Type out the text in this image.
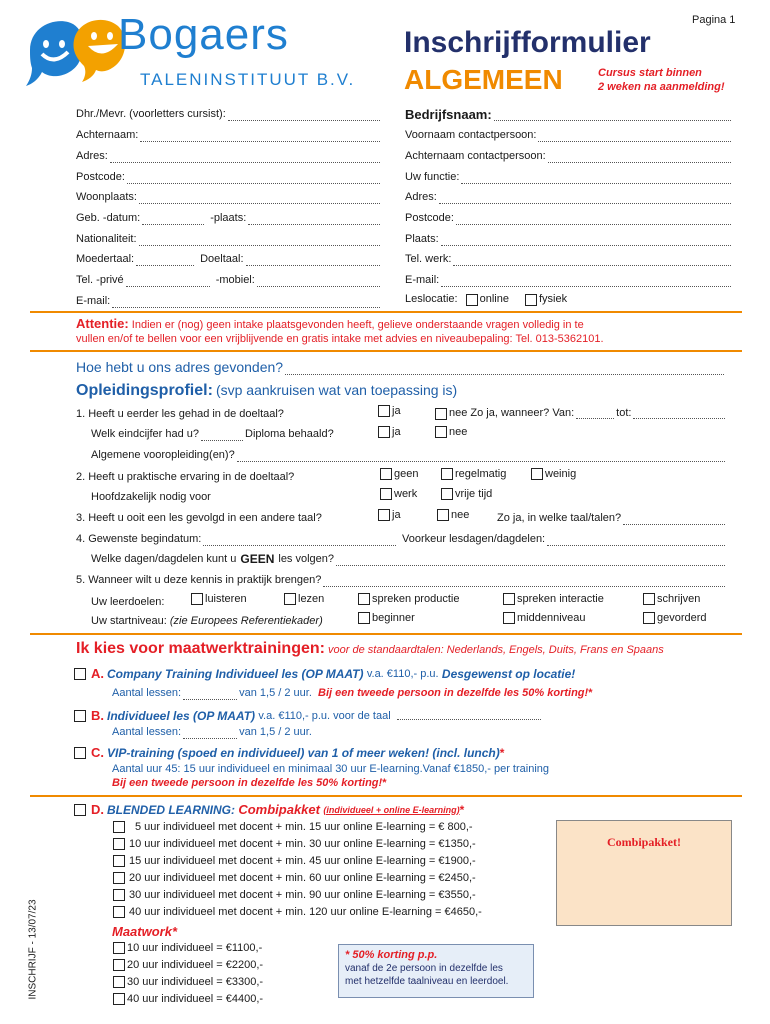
Bogaers
TALENINSTITUUT B.V.
Pagina 1
Inschrijfformulier
ALGEMEEN	Cursus start binnen
2 weken na aanmelding!
Dhr./Mevr. (voorletters cursist):
Achternaam:
Adres:
Postcode:
Woonplaats:
Geb. -datum:	-plaats:
Nationaliteit:
Moedertaal:	Doeltaal:
Tel. -privé	-mobiel:
E-mail:
Bedrijfsnaam:
Voornaam contactpersoon:
Achternaam contactpersoon:
Uw functie:
Adres:
Postcode:
Plaats:
Tel. werk:
E-mail:
Leslocatie: online	fysiek
Attentie: Indien er (nog) geen intake plaatsgevonden heeft, gelieve onderstaande vragen volledig in te
vullen en/of te bellen voor een vrijblijvende en gratis intake met advies en niveaubepaling: Tel. 013-5362101.
Hoe hebt u ons adres gevonden?
Opleidingsprofiel: (svp aankruisen wat van toepassing is)
1. Heeft u eerder les gehad in de doeltaal?	ja	nee Zo ja, wanneer? Van:	tot:
Welk eindcijfer had u?	Diploma behaald?	ja	nee
Algemene vooropleiding(en)?
2. Heeft u praktische ervaring in de doeltaal?	geen	regelmatig	weinig
Hoofdzakelijk nodig voor	werk	vrije tijd
3. Heeft u ooit een les gevolgd in een andere taal?	ja	nee	Zo ja, in welke taal/talen?
4. Gewenste begindatum:	Voorkeur lesdagen/dagdelen:
Welke dagen/dagdelen kunt u GEEN les volgen?
5. Wanneer wilt u deze kennis in praktijk brengen?
Uw leerdoelen:	luisteren	lezen	spreken productie	spreken interactie	schrijven
Uw startniveau:
(zie Europees Referentiekader)	beginner	middenniveau	gevorderd
Ik kies voor maatwerktrainingen: voor de standaardtalen: Nederlands, Engels, Duits, Frans en Spaans
A. Company Training Individueel les (OP MAAT)
v.a. €110,- p.u.
Desgewenst op locatie!
Aantal lessen:	van 1,5 / 2 uur.
Bij een tweede persoon in dezelfde les 50% korting! *
B. Individueel les (OP MAAT)
v.a. €110,- p.u. voor de taal
Aantal lessen:	van 1,5 / 2 uur.
C. VIP-training (spoed en individueel) van 1 of meer weken! (incl. lunch) *
Aantal uur 45: 15 uur individueel en minimaal 30 uur E-learning.Vanaf €1850,- per training
Bij een tweede persoon in dezelfde les 50% korting!*
D. BLENDED LEARNING:
Combipakket
(individueel + online E-learning) *
5 uur individueel met docent + min. 15 uur online E-learning = € 800,-
10 uur individueel met docent + min. 30 uur online E-learning = €1350,-
15 uur individueel met docent + min. 45 uur online E-learning = €1900,-
20 uur individueel met docent + min. 60 uur online E-learning = €2450,-
30 uur individueel met docent + min. 90 uur online E-learning = €3550,-
40 uur individueel met docent + min. 120 uur online E-learning = €4650,-
Combipakket!
Maatwork*
10 uur individueel = €1100,-
20 uur individueel = €2200,-
30 uur individueel = €3300,-
40 uur individueel = €4400,-
* 50% korting p.p.
vanaf de 2e persoon in dezelfde les
met hetzelfde taalniveau en leerdoel.
INSCHRIJF - 13/07/23
